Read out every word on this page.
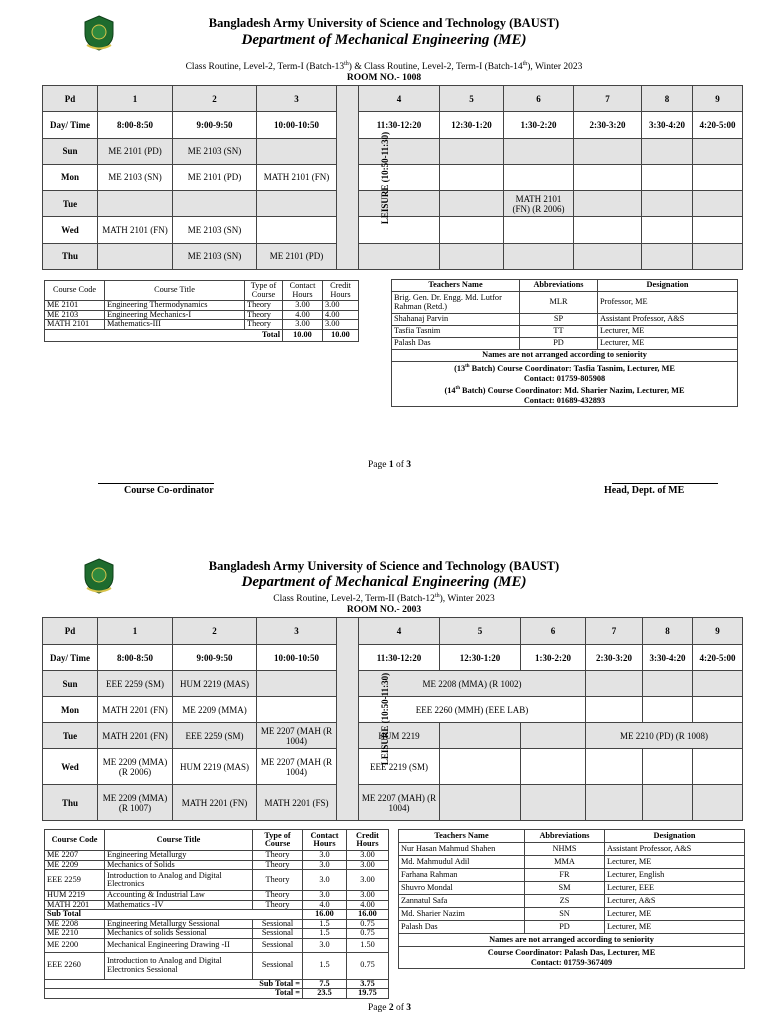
Bangladesh Army University of Science and Technology (BAUST)
Department of Mechanical Engineering (ME)
Class Routine, Level-2, Term-I (Batch-13th) & Class Routine, Level-2, Term-I (Batch-14th), Winter 2023
ROOM NO.- 1008
Pd	1	2	3	LEISURE (10:50-11:30)	4	5	6	7	8	9
Day/ Time	8:00-8:50	9:00-9:50	10:00-10:50		11:30-12:20	12:30-1:20	1:30-2:20	2:30-3:20	3:30-4:20	4:20-5:00
Sun	ME 2101 (PD)	ME 2103 (SN)								
Mon	ME 2103 (SN)	ME 2101 (PD)	MATH 2101 (FN)							
Tue							MATH 2101 (FN) (R 2006)			
Wed	MATH 2101 (FN)	ME 2103 (SN)								
Thu		ME 2103 (SN)	ME 2101 (PD)							
Course Code	Course Title	Type of Course	Contact Hours	Credit Hours
ME 2101	Engineering Thermodynamics	Theory	3.00	3.00
ME 2103	Engineering Mechanics-I	Theory	4.00	4.00
MATH 2101	Mathematics-III	Theory	3.00	3.00
Total			10.00	10.00
Teachers Name	Abbreviations	Designation
Brig. Gen. Dr. Engg. Md. Lutfor Rahman (Retd.)	MLR	Professor, ME
Shahanaj Parvin	SP	Assistant Professor, A&S
Tasfia Tasnim	TT	Lecturer, ME
Palash Das	PD	Lecturer, ME
Names are not arranged according to seniority		

(13th Batch) Course Coordinator: Tasfia Tasnim, Lecturer, ME
Contact: 01759-805908
(14th Batch) Course Coordinator: Md. Sharier Nazim, Lecturer, ME
Contact: 01689-432893		
Page 1 of 3
Course Co-ordinator	Head, Dept. of ME
Bangladesh Army University of Science and Technology (BAUST)
Department of Mechanical Engineering (ME)
Class Routine, Level-2, Term-II (Batch-12th), Winter 2023
ROOM NO.- 2003
Pd	1	2	3	LEISURE (10:50-11:30)	4	5	6	7	8	9
Day/ Time	8:00-8:50	9:00-9:50	10:00-10:50		11:30-12:20	12:30-1:20	1:30-2:20	2:30-3:20	3:30-4:20	4:20-5:00
Sun	EEE 2259 (SM)	HUM 2219 (MAS)			ME 2208 (MMA) (R 1002)					
Mon	MATH 2201 (FN)	ME 2209 (MMA)			EEE 2260 (MMH) (EEE LAB)					
Tue	MATH 2201 (FN)	EEE 2259 (SM)	ME 2207 (MAH (R 1004)		HUM 2219			ME 2210 (PD) (R 1008)		
Wed	ME 2209 (MMA) (R 2006)	HUM 2219 (MAS)	ME 2207 (MAH (R 1004)		EEE 2219 (SM)					
Thu	ME 2209 (MMA) (R 1007)	MATH 2201 (FN)	MATH 2201 (FS)		ME 2207 (MAH) (R 1004)					
Course Code	Course Title	Type of Course	Contact Hours	Credit Hours
ME 2207	Engineering Metallurgy	Theory	3.0	3.00
ME 2209	Mechanics of Solids	Theory	3.0	3.00
EEE 2259	Introduction to Analog and Digital Electronics	Theory	3.0	3.00
HUM 2219	Accounting & Industrial Law	Theory	3.0	3.00
MATH 2201	Mathematics -IV	Theory	4.0	4.00
Sub Total			16.00	16.00
ME 2208	Engineering Metallurgy Sessional	Sessional	1.5	0.75
ME 2210	Mechanics of solids Sessional	Sessional	1.5	0.75
ME 2200	Mechanical Engineering Drawing -II	Sessional	3.0	1.50
EEE 2260	Introduction to Analog and Digital Electronics Sessional	Sessional	1.5	0.75
Sub Total =			7.5	3.75
Total =			23.5	19.75
Teachers Name	Abbreviations	Designation
Nur Hasan Mahmud Shahen	NHMS	Assistant Professor, A&S
Md. Mahmudul Adil	MMA	Lecturer, ME
Farhana Rahman	FR	Lecturer, English
Shuvro Mondal	SM	Lecturer, EEE
Zannatul Safa	ZS	Lecturer, A&S
Md. Sharier Nazim	SN	Lecturer, ME
Palash Das	PD	Lecturer, ME
Names are not arranged according to seniority		

Course Coordinator: Palash Das, Lecturer, ME
Contact: 01759-367409		
Page 2 of 3
